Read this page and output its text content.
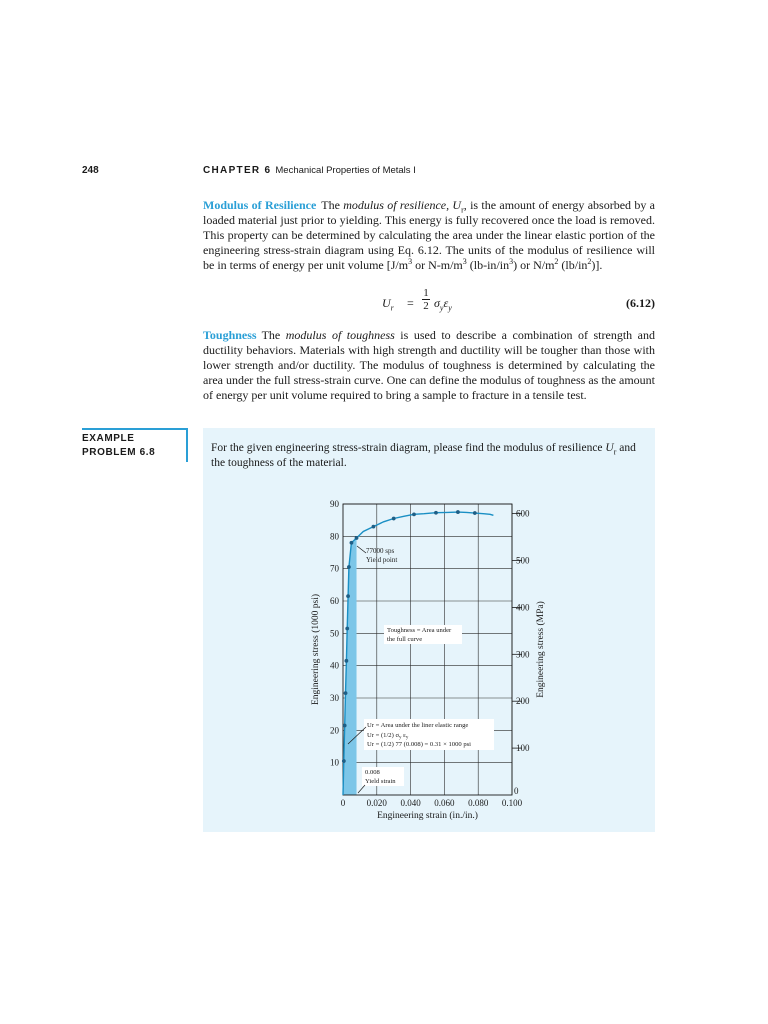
248	CHAPTER 6 Mechanical Properties of Metals I
Modulus of Resilience The modulus of resilience, $U_r$, is the amount of energy absorbed by a loaded material just prior to yielding. This energy is fully recovered once the load is removed. This property can be determined by calculating the area under the linear elastic portion of the engineering stress-strain diagram using Eq. 6.12. The units of the modulus of resilience will be in terms of energy per unit volume [$J/m^3$ or $N-m/m^3$ $(lb-in/in^3)$ or $N/m^2$ $(lb/in^2)$].
$U_r$ =
1
2 $\sigma_y\varepsilon_y$	(6.12)
Toughness The modulus of toughness is used to describe a combination of strength and ductility behaviors. Materials with high strength and ductility will be tougher than those with lower strength and/or ductility. The modulus of toughness is determined by calculating the area under the full stress-strain curve. One can define the modulus of toughness as the amount of energy per unit volume required to bring a sample to fracture in a tensile test.
EXAMPLE
PROBLEM 6.8	For the given engineering stress-strain diagram, please find the modulus of resilience $U_r$ and the toughness of the material.
10
20
30
40
50
60
70
80
90
0.020 0.040 0.060 0.080 0.100
0
100
200
300
400
500
600
0
Engineering strain (in./in.)
Engineering stress (1000 psi)	Engineering stress (MPa)
77000 sps
Yield point
Toughness = Area under
the full curve
Ur = Area under the liner elastic range
Ur = (1/2) $\sigma_y$ $\varepsilon_y$
Ur = (1/2) 77 (0.008) = 0.31 × 1000 psi
0.008
Yield strain
